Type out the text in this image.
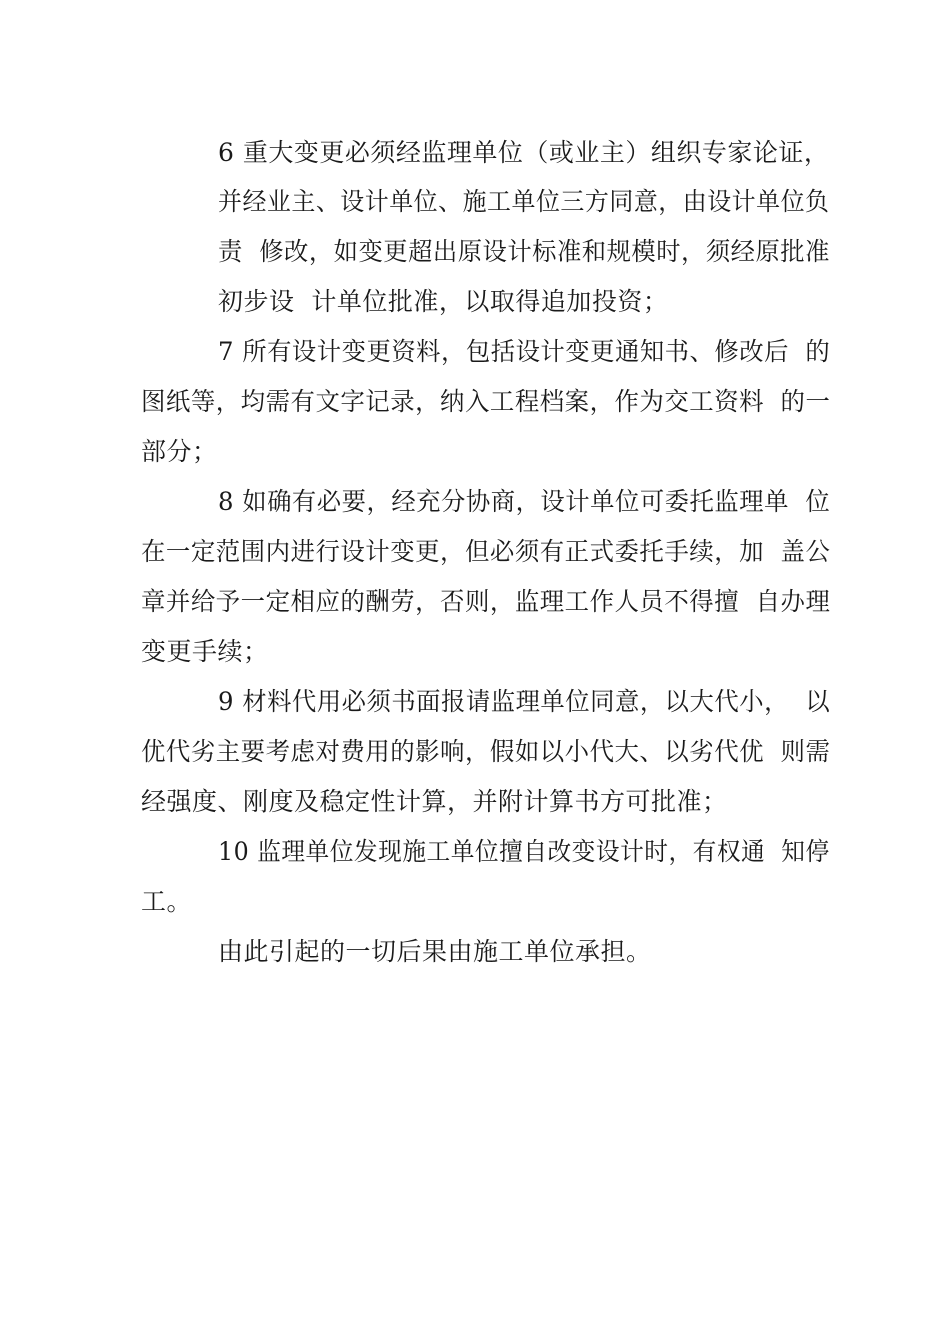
6 重大变更必须经监理单位（或业主）组织专家论证，
并经业主、设计单位、施工单位三方同意，由设计单位负
责  修改，如变更超出原设计标准和规模时，须经原批准
初步设  计单位批准，以取得追加投资；
7 所有设计变更资料，包括设计变更通知书、修改后  的
图纸等，均需有文字记录，纳入工程档案，作为交工资料  的一
部分；
8 如确有必要，经充分协商，设计单位可委托监理单  位
在一定范围内进行设计变更，但必须有正式委托手续，加  盖公
章并给予一定相应的酬劳，否则，监理工作人员不得擅  自办理
变更手续；
9 材料代用必须书面报请监理单位同意，以大代小，  以
优代劣主要考虑对费用的影响，假如以小代大、以劣代优  则需
经强度、刚度及稳定性计算，并附计算书方可批准；
10 监理单位发现施工单位擅自改变设计时，有权通  知停
工。
由此引起的一切后果由施工单位承担。
